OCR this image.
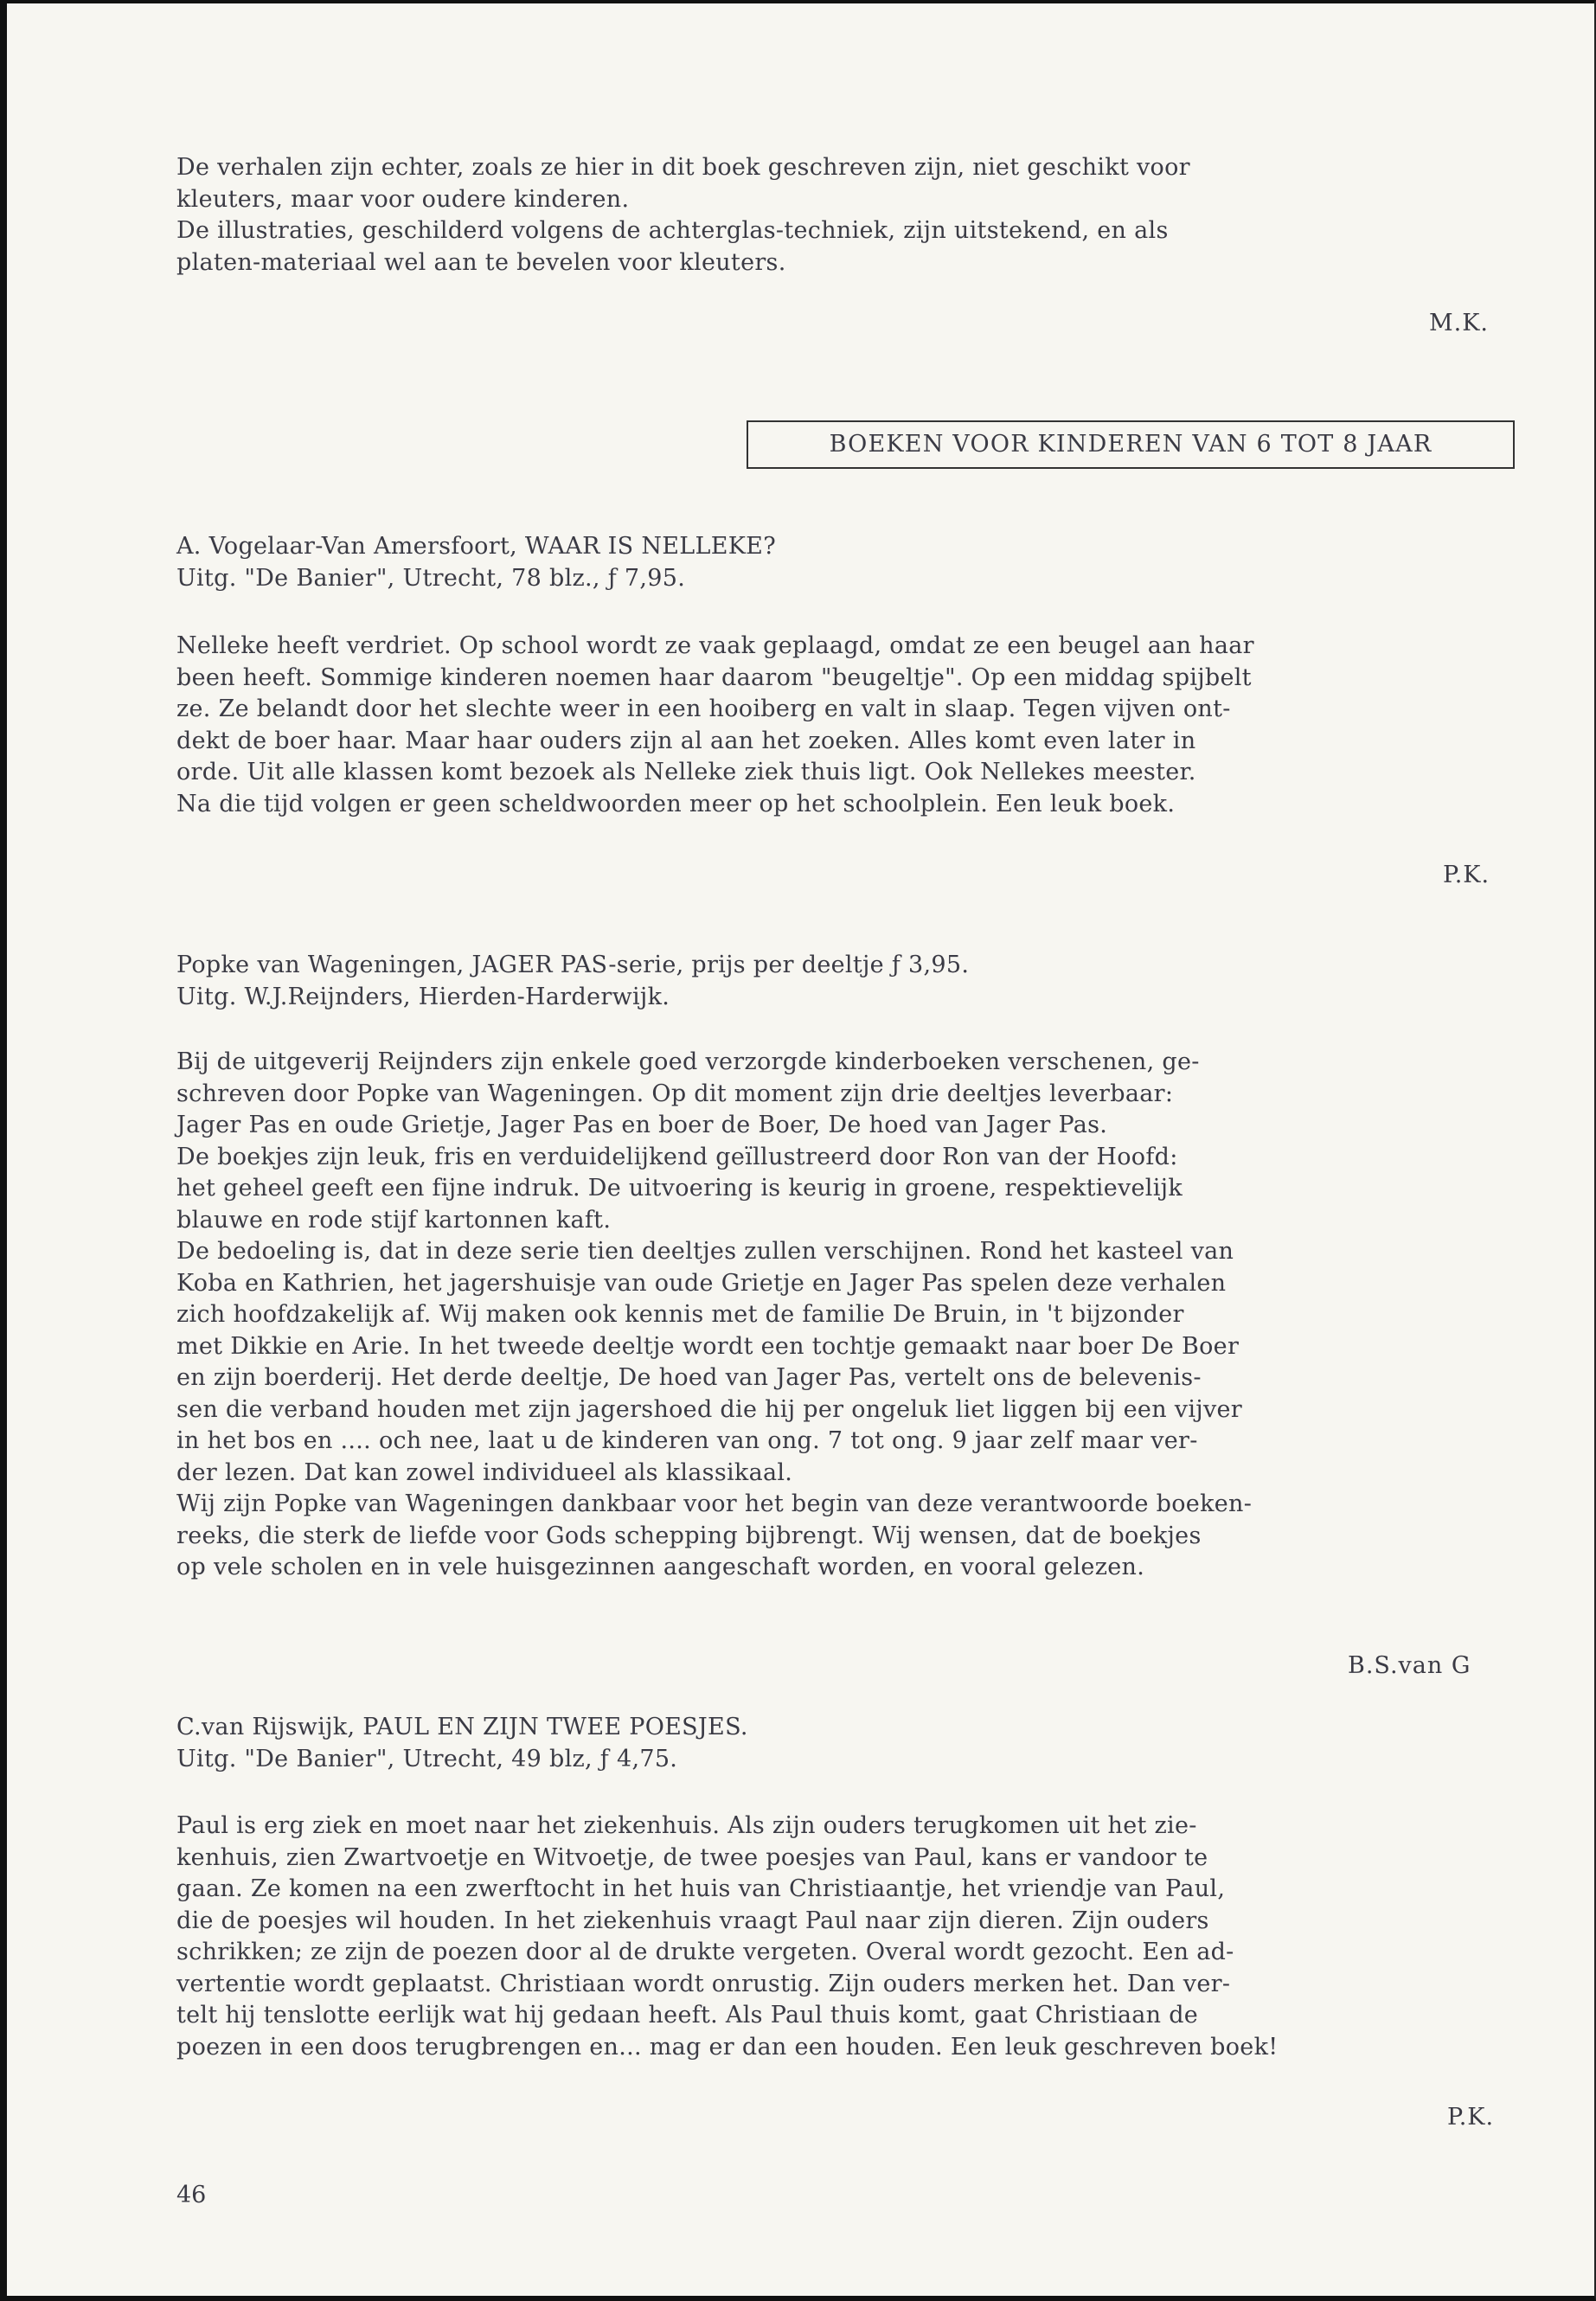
De verhalen zijn echter, zoals ze hier in dit boek geschreven zijn, niet geschikt voor
kleuters, maar voor oudere kinderen.
De illustraties, geschilderd volgens de achterglas-techniek, zijn uitstekend, en als
platen-materiaal wel aan te bevelen voor kleuters.
M.K.
BOEKEN VOOR KINDEREN VAN 6 TOT 8 JAAR
A. Vogelaar-Van Amersfoort, WAAR IS NELLEKE?
Uitg. "De Banier", Utrecht, 78 blz., ƒ 7,95.
Nelleke heeft verdriet. Op school wordt ze vaak geplaagd, omdat ze een beugel aan haar
been heeft. Sommige kinderen noemen haar daarom "beugeltje". Op een middag spijbelt
ze. Ze belandt door het slechte weer in een hooiberg en valt in slaap. Tegen vijven ont-
dekt de boer haar. Maar haar ouders zijn al aan het zoeken. Alles komt even later in
orde. Uit alle klassen komt bezoek als Nelleke ziek thuis ligt. Ook Nellekes meester.
Na die tijd volgen er geen scheldwoorden meer op het schoolplein. Een leuk boek.
P.K.
Popke van Wageningen, JAGER PAS-serie, prijs per deeltje ƒ 3,95.
Uitg. W.J.Reijnders, Hierden-Harderwijk.
Bij de uitgeverij Reijnders zijn enkele goed verzorgde kinderboeken verschenen, ge-
schreven door Popke van Wageningen. Op dit moment zijn drie deeltjes leverbaar:
Jager Pas en oude Grietje, Jager Pas en boer de Boer, De hoed van Jager Pas.
De boekjes zijn leuk, fris en verduidelijkend geïllustreerd door Ron van der Hoofd:
het geheel geeft een fijne indruk. De uitvoering is keurig in groene, respektievelijk
blauwe en rode stijf kartonnen kaft.
De bedoeling is, dat in deze serie tien deeltjes zullen verschijnen. Rond het kasteel van
Koba en Kathrien, het jagershuisje van oude Grietje en Jager Pas spelen deze verhalen
zich hoofdzakelijk af. Wij maken ook kennis met de familie De Bruin, in 't bijzonder
met Dikkie en Arie. In het tweede deeltje wordt een tochtje gemaakt naar boer De Boer
en zijn boerderij. Het derde deeltje, De hoed van Jager Pas, vertelt ons de belevenis-
sen die verband houden met zijn jagershoed die hij per ongeluk liet liggen bij een vijver
in het bos en .... och nee, laat u de kinderen van ong. 7 tot ong. 9 jaar zelf maar ver-
der lezen. Dat kan zowel individueel als klassikaal.
Wij zijn Popke van Wageningen dankbaar voor het begin van deze verantwoorde boeken-
reeks, die sterk de liefde voor Gods schepping bijbrengt. Wij wensen, dat de boekjes
op vele scholen en in vele huisgezinnen aangeschaft worden, en vooral gelezen.
B.S.van G
C.van Rijswijk, PAUL EN ZIJN TWEE POESJES.
Uitg. "De Banier", Utrecht, 49 blz, ƒ 4,75.
Paul is erg ziek en moet naar het ziekenhuis. Als zijn ouders terugkomen uit het zie-
kenhuis, zien Zwartvoetje en Witvoetje, de twee poesjes van Paul, kans er vandoor te
gaan. Ze komen na een zwerftocht in het huis van Christiaantje, het vriendje van Paul,
die de poesjes wil houden. In het ziekenhuis vraagt Paul naar zijn dieren. Zijn ouders
schrikken; ze zijn de poezen door al de drukte vergeten. Overal wordt gezocht. Een ad-
vertentie wordt geplaatst. Christiaan wordt onrustig. Zijn ouders merken het. Dan ver-
telt hij tenslotte eerlijk wat hij gedaan heeft. Als Paul thuis komt, gaat Christiaan de
poezen in een doos terugbrengen en... mag er dan een houden. Een leuk geschreven boek!
P.K.
46
